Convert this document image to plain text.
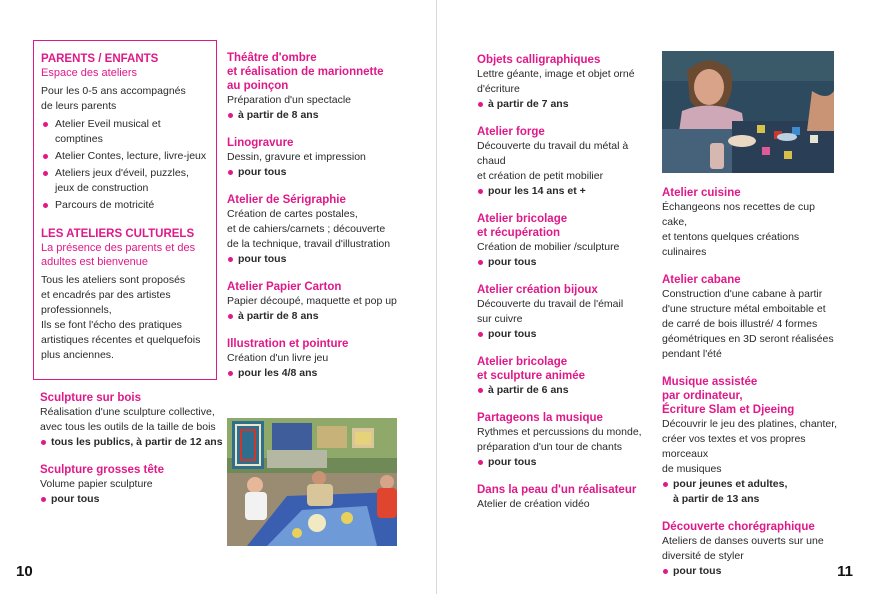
PARENTS / ENFANTS
Espace des ateliers
Pour les 0-5 ans accompagnés
de leurs parents
Atelier Eveil musical et comptines
Atelier Contes, lecture, livre-jeux
Ateliers jeux d'éveil, puzzles,
jeux de construction
Parcours de motricité
LES ATELIERS CULTURELS
La présence des parents et des
adultes est bienvenue
Tous les ateliers sont proposés
et encadrés par des artistes
professionnels,
Ils se font l'écho des pratiques
artistiques récentes et quelquefois
plus anciennes.
Sculpture sur bois
Réalisation d'une sculpture collective,
avec tous les outils de la taille de bois
tous les publics, à partir de 12 ans
Sculpture grosses tête
Volume papier sculpture
pour tous
Théâtre d'ombre
et réalisation de marionnette
au poinçon
Préparation d'un spectacle
à partir de 8 ans
Linogravure
Dessin, gravure et impression
pour tous
Atelier de Sérigraphie
Création de cartes postales,
et de cahiers/carnets ; découverte
de la technique, travail d'illustration
pour tous
Atelier Papier Carton
Papier découpé, maquette et pop up
à partir de 8 ans
Illustration et pointure
Création d'un livre jeu
pour les 4/8 ans
10
Objets calligraphiques
Lettre géante, image et objet orné
d'écriture
à partir de 7 ans
Atelier forge
Découverte du travail du métal à chaud
et création de petit mobilier
pour les 14 ans et +
Atelier bricolage
et récupération
Création de mobilier /sculpture
pour tous
Atelier création bijoux
Découverte du travail de l'émail
sur cuivre
pour tous
Atelier bricolage
et sculpture animée
à partir de 6 ans
Partageons la musique
Rythmes et percussions du monde,
préparation d'un tour de chants
pour tous
Dans la peau d'un réalisateur
Atelier de création vidéo
Atelier cuisine
Échangeons nos recettes de cup cake,
et tentons quelques créations culinaires
Atelier cabane
Construction d'une cabane à partir
d'une structure métal emboitable et
de carré de bois illustré/ 4 formes
géométriques en 3D seront réalisées
pendant l'été
Musique assistée
par ordinateur,
Écriture Slam et Djeeing
Découvrir le jeu des platines, chanter,
créer vos textes et vos propres morceaux
de musiques
pour jeunes et adultes,
à partir de 13 ans
Découverte chorégraphique
Ateliers de danses ouverts sur une
diversité de styler
pour tous	11
